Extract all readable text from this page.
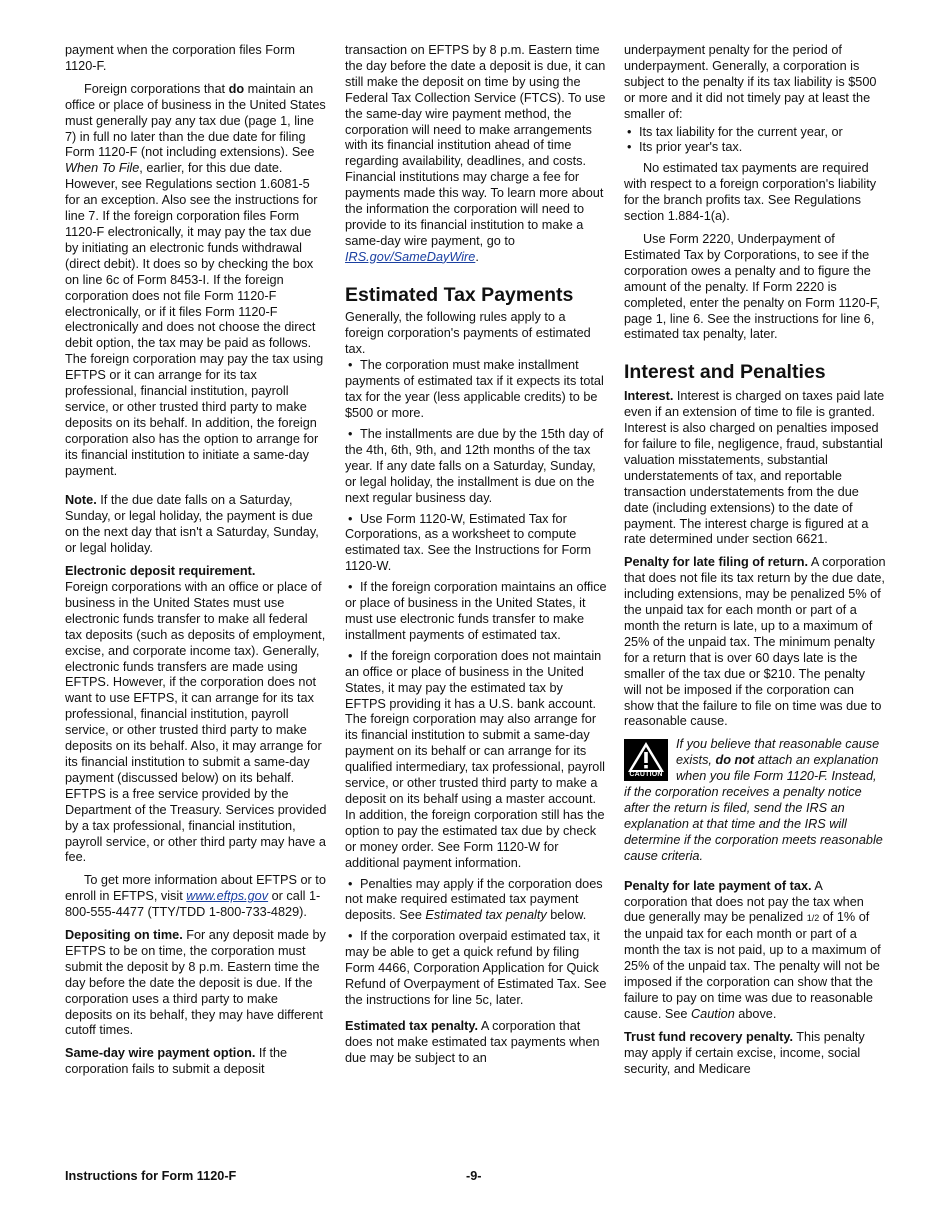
payment when the corporation files Form 1120-F.

Foreign corporations that do maintain an office or place of business in the United States must generally pay any tax due (page 1, line 7) in full no later than the due date for filing Form 1120-F (not including extensions). See When To File, earlier, for this due date. However, see Regulations section 1.6081-5 for an exception. Also see the instructions for line 7. If the foreign corporation files Form 1120-F electronically, it may pay the tax due by initiating an electronic funds withdrawal (direct debit). It does so by checking the box on line 6c of Form 8453-I. If the foreign corporation does not file Form 1120-F electronically, or if it files Form 1120-F electronically and does not choose the direct debit option, the tax may be paid as follows. The foreign corporation may pay the tax using EFTPS or it can arrange for its tax professional, financial institution, payroll service, or other trusted third party to make deposits on its behalf. In addition, the foreign corporation also has the option to arrange for its financial institution to initiate a same-day payment.

Note. If the due date falls on a Saturday, Sunday, or legal holiday, the payment is due on the next day that isn't a Saturday, Sunday, or legal holiday.

Electronic deposit requirement.
Foreign corporations with an office or place of business in the United States must use electronic funds transfer to make all federal tax deposits (such as deposits of employment, excise, and corporate income tax). Generally, electronic funds transfers are made using EFTPS. However, if the corporation does not want to use EFTPS, it can arrange for its tax professional, financial institution, payroll service, or other trusted third party to make deposits on its behalf. Also, it may arrange for its financial institution to submit a same-day payment (discussed below) on its behalf. EFTPS is a free service provided by the Department of the Treasury. Services provided by a tax professional, financial institution, payroll service, or other third party may have a fee.

To get more information about EFTPS or to enroll in EFTPS, visit www.eftps.gov or call 1-800-555-4477 (TTY/TDD 1-800-733-4829).

Depositing on time. For any deposit made by EFTPS to be on time, the corporation must submit the deposit by 8 p.m. Eastern time the day before the date the deposit is due. If the corporation uses a third party to make deposits on its behalf, they may have different cutoff times.

Same-day wire payment option. If the corporation fails to submit a deposit

transaction on EFTPS by 8 p.m. Eastern time the day before the date a deposit is due, it can still make the deposit on time by using the Federal Tax Collection Service (FTCS). To use the same-day wire payment method, the corporation will need to make arrangements with its financial institution ahead of time regarding availability, deadlines, and costs. Financial institutions may charge a fee for payments made this way. To learn more about the information the corporation will need to provide to its financial institution to make a same-day wire payment, go to IRS.gov/SameDayWire.

Estimated Tax Payments

Generally, the following rules apply to a foreign corporation's payments of estimated tax.

• The corporation must make installment payments of estimated tax if it expects its total tax for the year (less applicable credits) to be $500 or more.
• The installments are due by the 15th day of the 4th, 6th, 9th, and 12th months of the tax year. If any date falls on a Saturday, Sunday, or legal holiday, the installment is due on the next regular business day.
• Use Form 1120-W, Estimated Tax for Corporations, as a worksheet to compute estimated tax. See the Instructions for Form 1120-W.
• If the foreign corporation maintains an office or place of business in the United States, it must use electronic funds transfer to make installment payments of estimated tax.
• If the foreign corporation does not maintain an office or place of business in the United States, it may pay the estimated tax by EFTPS providing it has a U.S. bank account. The foreign corporation may also arrange for its financial institution to submit a same-day payment on its behalf or can arrange for its qualified intermediary, tax professional, payroll service, or other trusted third party to make a deposit on its behalf using a master account. In addition, the foreign corporation still has the option to pay the estimated tax due by check or money order. See Form 1120-W for additional payment information.
• Penalties may apply if the corporation does not make required estimated tax payment deposits. See Estimated tax penalty below.
• If the corporation overpaid estimated tax, it may be able to get a quick refund by filing Form 4466, Corporation Application for Quick Refund of Overpayment of Estimated Tax. See the instructions for line 5c, later.

Estimated tax penalty. A corporation that does not make estimated tax payments when due may be subject to an

underpayment penalty for the period of underpayment. Generally, a corporation is subject to the penalty if its tax liability is $500 or more and it did not timely pay at least the smaller of:

• Its tax liability for the current year, or
• Its prior year's tax.

No estimated tax payments are required with respect to a foreign corporation's liability for the branch profits tax. See Regulations section 1.884-1(a).

Use Form 2220, Underpayment of Estimated Tax by Corporations, to see if the corporation owes a penalty and to figure the amount of the penalty. If Form 2220 is completed, enter the penalty on Form 1120-F, page 1, line 6. See the instructions for line 6, estimated tax penalty, later.

Interest and Penalties

Interest. Interest is charged on taxes paid late even if an extension of time to file is granted. Interest is also charged on penalties imposed for failure to file, negligence, fraud, substantial valuation misstatements, substantial understatements of tax, and reportable transaction understatements from the due date (including extensions) to the date of payment. The interest charge is figured at a rate determined under section 6621.

Penalty for late filing of return. A corporation that does not file its tax return by the due date, including extensions, may be penalized 5% of the unpaid tax for each month or part of a month the return is late, up to a maximum of 25% of the unpaid tax. The minimum penalty for a return that is over 60 days late is the smaller of the tax due or $210. The penalty will not be imposed if the corporation can show that the failure to file on time was due to reasonable cause.

CAUTION
If you believe that reasonable cause exists, do not attach an explanation when you file Form 1120-F. Instead, if the corporation receives a penalty notice after the return is filed, send the IRS an explanation at that time and the IRS will determine if the corporation meets reasonable cause criteria.

Penalty for late payment of tax. A corporation that does not pay the tax when due generally may be penalized 1/2 of 1% of the unpaid tax for each month or part of a month the tax is not paid, up to a maximum of 25% of the unpaid tax. The penalty will not be imposed if the corporation can show that the failure to pay on time was due to reasonable cause. See Caution above.

Trust fund recovery penalty. This penalty may apply if certain excise, income, social security, and Medicare

Instructions for Form 1120-F	-9-
